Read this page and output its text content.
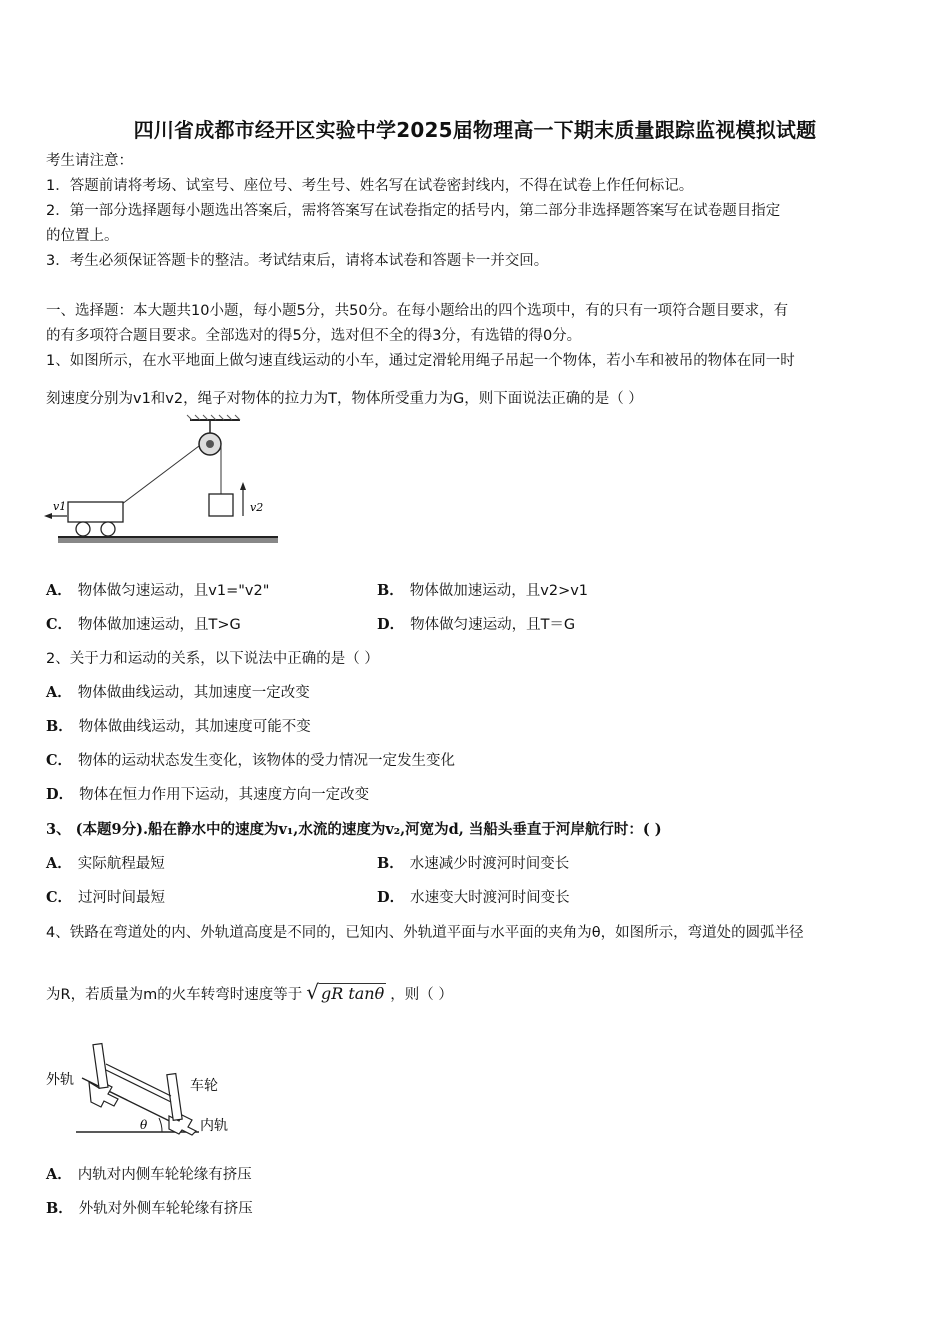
四川省成都市经开区实验中学2025届物理高一下期末质量跟踪监视模拟试题
考生请注意：
1．答题前请将考场、试室号、座位号、考生号、姓名写在试卷密封线内，不得在试卷上作任何标记。
2．第一部分选择题每小题选出答案后，需将答案写在试卷指定的括号内，第二部分非选择题答案写在试卷题目指定
的位置上。
3．考生必须保证答题卡的整洁。考试结束后，请将本试卷和答题卡一并交回。
一、选择题：本大题共10小题，每小题5分，共50分。在每小题给出的四个选项中，有的只有一项符合题目要求，有
的有多项符合题目要求。全部选对的得5分，选对但不全的得3分，有选错的得0分。
1、如图所示，在水平地面上做匀速直线运动的小车，通过定滑轮用绳子吊起一个物体，若小车和被吊的物体在同一时
刻速度分别为v1和v2，绳子对物体的拉力为T，物体所受重力为G，则下面说法正确的是（ ）
v2
v1
A． 物体做匀速运动，且v1="v2"	B． 物体做加速运动，且v2>v1
C． 物体做加速运动，且T>G	D． 物体做匀速运动，且T＝G
2、关于力和运动的关系，以下说法中正确的是（ ）
A． 物体做曲线运动，其加速度一定改变
B． 物体做曲线运动，其加速度可能不变
C． 物体的运动状态发生变化，该物体的受力情况一定发生变化
D． 物体在恒力作用下运动，其速度方向一定改变
3、 (本题9分).船在静水中的速度为v₁,水流的速度为v₂,河宽为d, 当船头垂直于河岸航行时：( )
A． 实际航程最短	B． 水速减少时渡河时间变长
C． 过河时间最短	D． 水速变大时渡河时间变长
4、铁路在弯道处的内、外轨道高度是不同的，已知内、外轨道平面与水平面的夹角为θ，如图所示，弯道处的圆弧半径
为R，若质量为m的火车转弯时速度等于 √ gR tanθ ，则（ ）
θ
外轨	车轮
内轨
A． 内轨对内侧车轮轮缘有挤压
B． 外轨对外侧车轮轮缘有挤压
